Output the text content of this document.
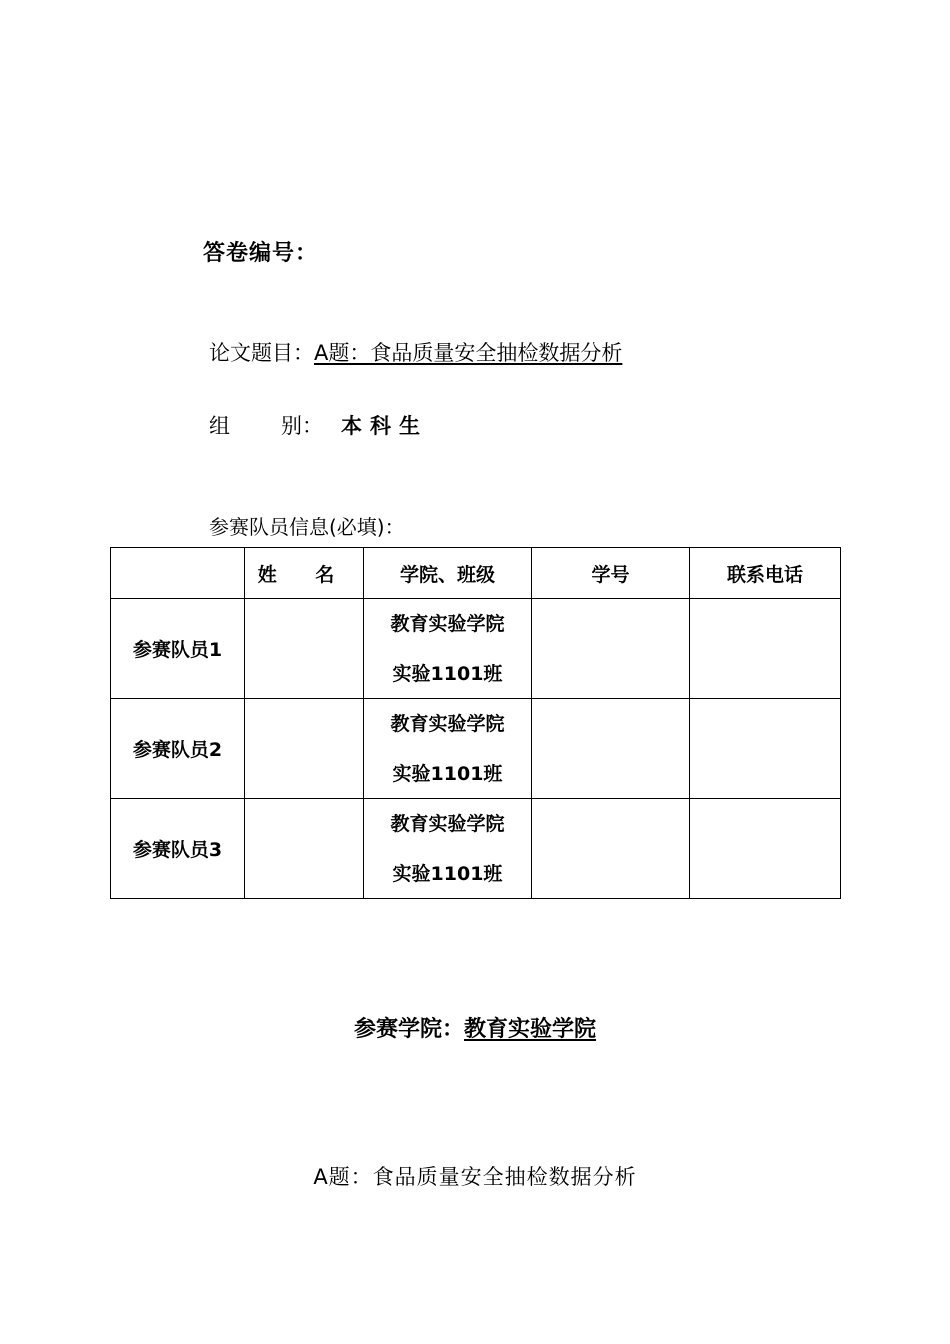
答卷编号：
论文题目：A题：食品质量安全抽检数据分析
组 别： 本科生
参赛队员信息(必填)：
	姓 名	学院、班级	学号	联系电话
参赛队员1		教育实验学院
实验1101班		

参赛队员2		教育实验学院
实验1101班		

参赛队员3		教育实验学院
实验1101班		

参赛学院：教育实验学院
A题：食品质量安全抽检数据分析
